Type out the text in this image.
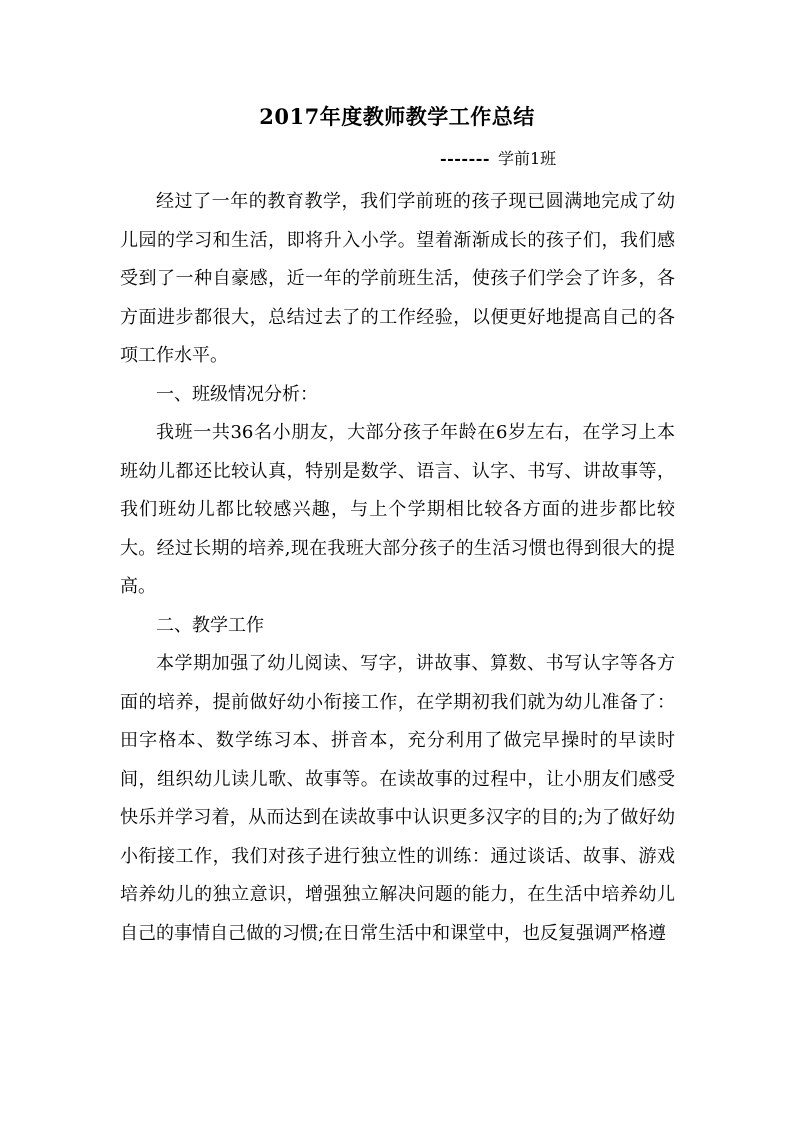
2017年度教师教学工作总结
------- 学前1班

经过了一年的教育教学，我们学前班的孩子现已圆满地完成了幼儿园的学习和生活，即将升入小学。望着渐渐成长的孩子们，我们感受到了一种自豪感，近一年的学前班生活，使孩子们学会了许多，各方面进步都很大，总结过去了的工作经验，以便更好地提高自己的各项工作水平。

一、班级情况分析：

我班一共36名小朋友，大部分孩子年龄在6岁左右，在学习上本班幼儿都还比较认真，特别是数学、语言、认字、书写、讲故事等，我们班幼儿都比较感兴趣，与上个学期相比较各方面的进步都比较大。经过长期的培养,现在我班大部分孩子的生活习惯也得到很大的提高。

二、教学工作

本学期加强了幼儿阅读、写字，讲故事、算数、书写认字等各方面的培养，提前做好幼小衔接工作，在学期初我们就为幼儿准备了：田字格本、数学练习本、拼音本，充分利用了做完早操时的早读时间，组织幼儿读儿歌、故事等。在读故事的过程中，让小朋友们感受快乐并学习着，从而达到在读故事中认识更多汉字的目的;为了做好幼小衔接工作，我们对孩子进行独立性的训练：通过谈话、故事、游戏培养幼儿的独立意识，增强独立解决问题的能力，在生活中培养幼儿自己的事情自己做的习惯;在日常生活中和课堂中，也反复强调严格遵
